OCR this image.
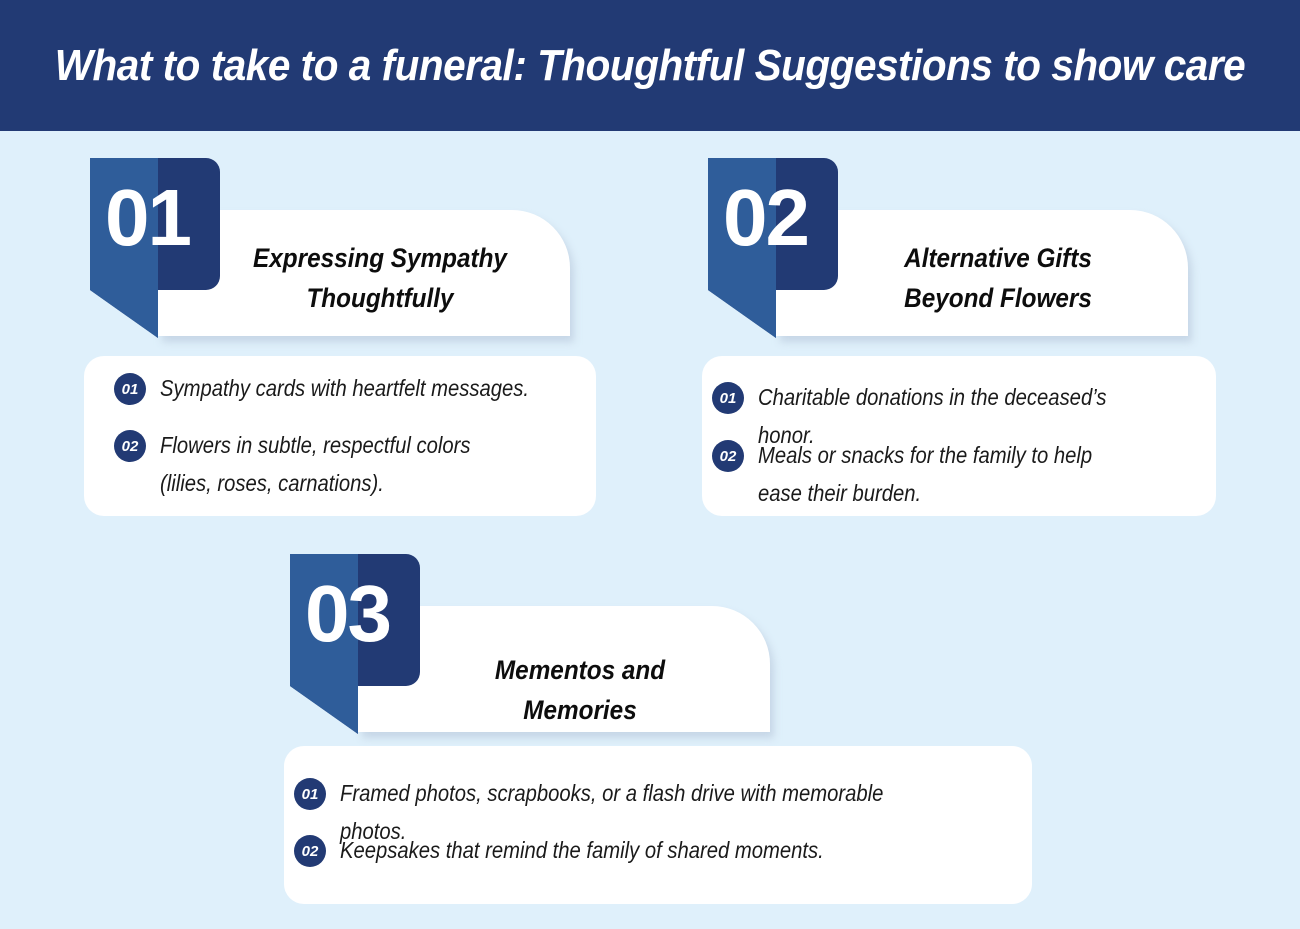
What to take to a funeral: Thoughtful Suggestions to show care
01	Expressing Sympathy Thoughtfully
01 Sympathy cards with heartfelt messages.
02 Flowers in subtle, respectful colors (lilies, roses, carnations).
02	Alternative Gifts Beyond Flowers
01 Charitable donations in the deceased’s honor.
02 Meals or snacks for the family to help ease their burden.
03
Mementos and Memories
01 Framed photos, scrapbooks, or a flash drive with memorable photos.
02 Keepsakes that remind the family of shared moments.
